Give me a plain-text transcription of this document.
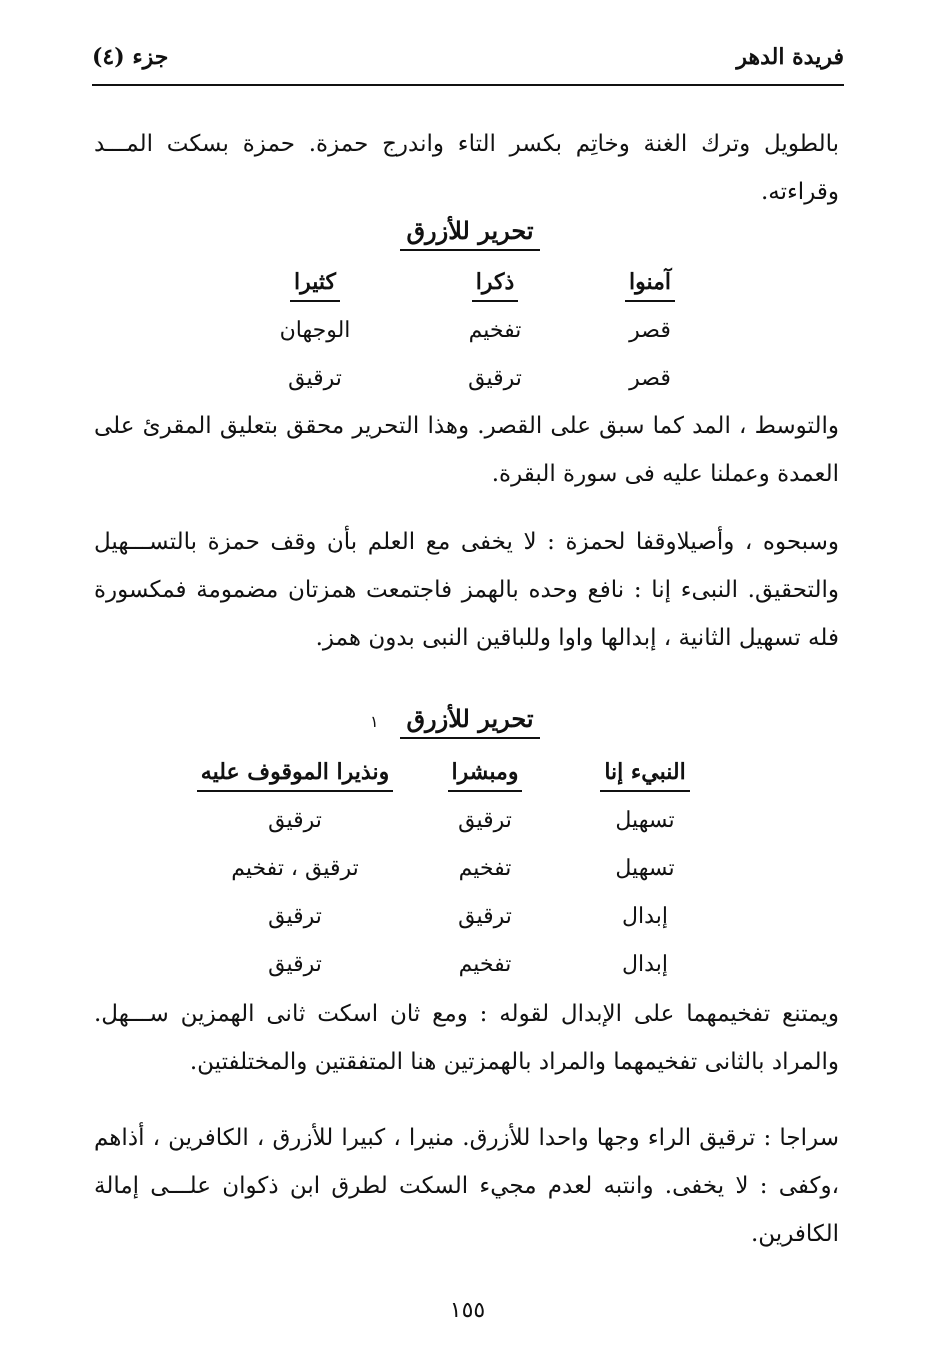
فريدة الدهر
جزء (٤)

بالطويل وترك الغنة وخاتِم بكسر التاء واندرج حمزة. حمزة بسكت المـــد وقراءته.

تحرير للأزرق
آمنوا	ذكرا	كثيرا
قصر	تفخيم	الوجهان
قصر	ترقيق	ترقيق

والتوسط ، المد كما سبق على القصر. وهذا التحرير محقق بتعليق المقرئ على العمدة وعملنا عليه فى سورة البقرة.

وسبحوه ، وأصيلاوقفا لحمزة : لا يخفى مع العلم بأن وقف حمزة بالتســـهيل والتحقيق. النبىء إنا : نافع وحده بالهمز فاجتمعت همزتان مضمومة فمكسورة فله تسهيل الثانية ، إبدالها واوا وللباقين النبى بدون همز.

تحرير للأزرق
١
النبيء إنا	ومبشرا	ونذيرا الموقوف عليه
تسهيل	ترقيق	ترقيق
تسهيل	تفخيم	ترقيق ، تفخيم
إبدال	ترقيق	ترقيق
إبدال	تفخيم	ترقيق

ويمتنع تفخيمهما على الإبدال لقوله : ومع ثان اسكت ثانى الهمزين ســـهل. والمراد بالثانى تفخيمهما والمراد بالهمزتين هنا المتفقتين والمختلفتين.

سراجا : ترقيق الراء وجها واحدا للأزرق. منيرا ، كبيرا للأزرق ، الكافرين ، أذاهم ،وكفى : لا يخفى. وانتبه لعدم مجيء السكت لطرق ابن ذكوان علـــى إمالة الكافرين.

١٥٥
